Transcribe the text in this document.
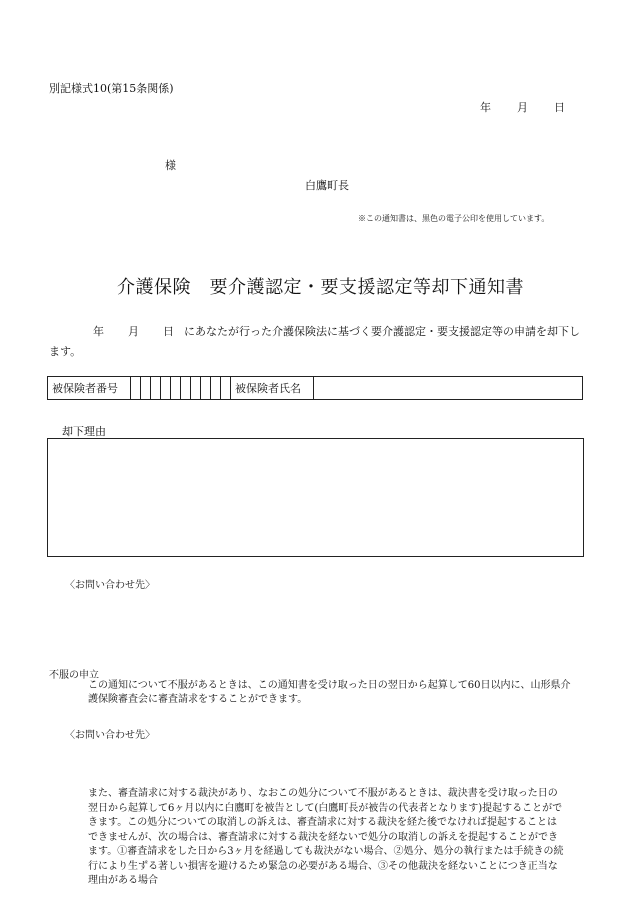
別記様式10(第15条関係)
年 月 日
様
白鷹町長
※この通知書は、黒色の電子公印を使用しています。
介護保険　要介護認定・要支援認定等却下通知書
年 月 日 にあなたが行った介護保険法に基づく要介護認定・要支援認定等の申請を却下します。
被保険者番号											被保険者氏名	
却下理由
〈お問い合わせ先〉
不服の申立
この通知について不服があるときは、この通知書を受け取った日の翌日から起算して60日以内に、山形県介護保険審査会に審査請求をすることができます。
〈お問い合わせ先〉
また、審査請求に対する裁決があり、なおこの処分について不服があるときは、裁決書を受け取った日の翌日から起算して6ヶ月以内に白鷹町を被告として(白鷹町長が被告の代表者となります)提起することができます。この処分についての取消しの訴えは、審査請求に対する裁決を経た後でなければ提起することはできませんが、次の場合は、審査請求に対する裁決を経ないで処分の取消しの訴えを提起することができます。①審査請求をした日から3ヶ月を経過しても裁決がない場合、②処分、処分の執行または手続きの続行により生ずる著しい損害を避けるため緊急の必要がある場合、③その他裁決を経ないことにつき正当な理由がある場合
